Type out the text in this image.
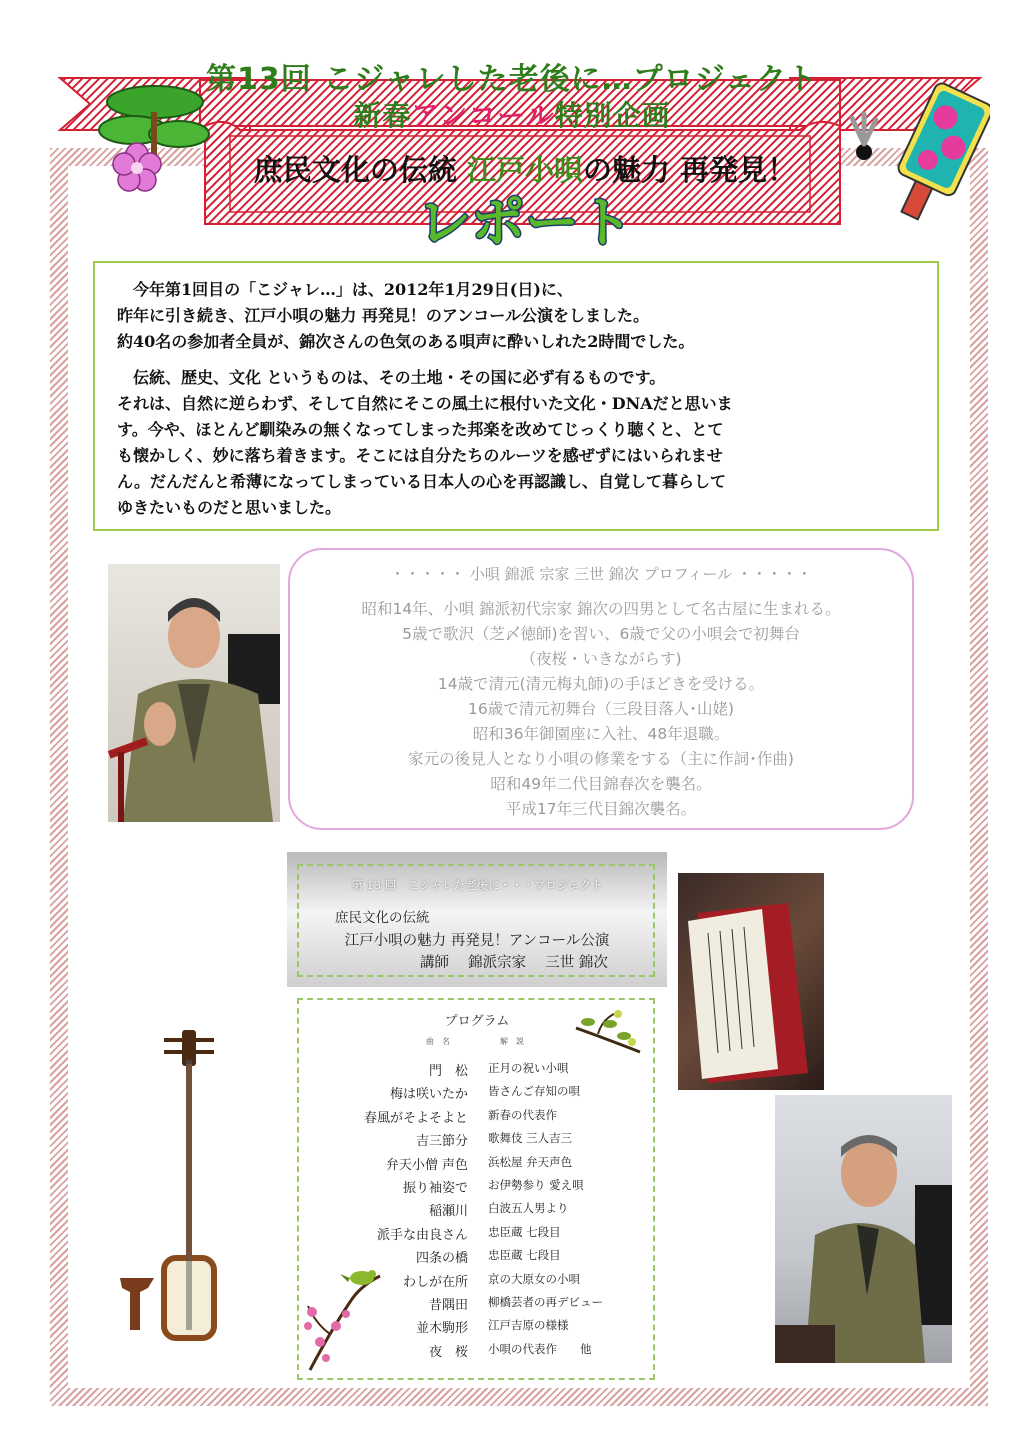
第13回 こジャレした老後に…プロジェクト
新春アンコール特別企画
庶民文化の伝統 江戸小唄の魅力 再発見！
レポート

　今年第1回目の「こジャレ…」は、2012年1月29日(日)に、
昨年に引き続き、江戸小唄の魅力 再発見！のアンコール公演をしました。
約40名の参加者全員が、錦次さんの色気のある唄声に酔いしれた2時間でした。

　伝統、歴史、文化 というものは、その土地・その国に必ず有るものです。
それは、自然に逆らわず、そして自然にそこの風土に根付いた文化・DNAだと思いま
す。今や、ほとんど馴染みの無くなってしまった邦楽を改めてじっくり聴くと、とて
も懐かしく、妙に落ち着きます。そこには自分たちのルーツを感ぜずにはいられませ
ん。だんだんと希薄になってしまっている日本人の心を再認識し、自覚して暮らして
ゆきたいものだと思いました。

・・・・・ 小唄 錦派 宗家 三世 錦次 プロフィール ・・・・・
昭和14年、小唄 錦派初代宗家 錦次の四男として名古屋に生まれる。
5歳で歌沢（芝〆徳師)を習い、6歳で父の小唄会で初舞台
（夜桜・いきながらす)
14歳で清元(清元梅丸師)の手ほどきを受ける。
16歳で清元初舞台（三段目落人･山姥)
昭和36年御園座に入社、48年退職。
家元の後見人となり小唄の修業をする（主に作詞･作曲)
昭和49年二代目錦春次を襲名。
平成17年三代目錦次襲名。
第 13 回　こジャレた老後に・・・プロジェクト
庶民文化の伝統
江戸小唄の魅力 再発見！アンコール公演
講師　 錦派宗家　 三世 錦次
プログラム
曲　名	解　説
門　松 正月の祝い小唄
梅は咲いたか 皆さんご存知の唄
春風がそよそよと 新春の代表作
吉三節分 歌舞伎 三人吉三
弁天小僧 声色 浜松屋 弁天声色
振り袖姿で お伊勢参り 愛え唄
稲瀬川 白波五人男より
派手な由良さん 忠臣蔵 七段目
四条の橋 忠臣蔵 七段目
わしが在所 京の大原女の小唄
昔隅田 柳橋芸者の再デビュー
並木駒形 江戸吉原の様様
夜　桜 小唄の代表作　　他
